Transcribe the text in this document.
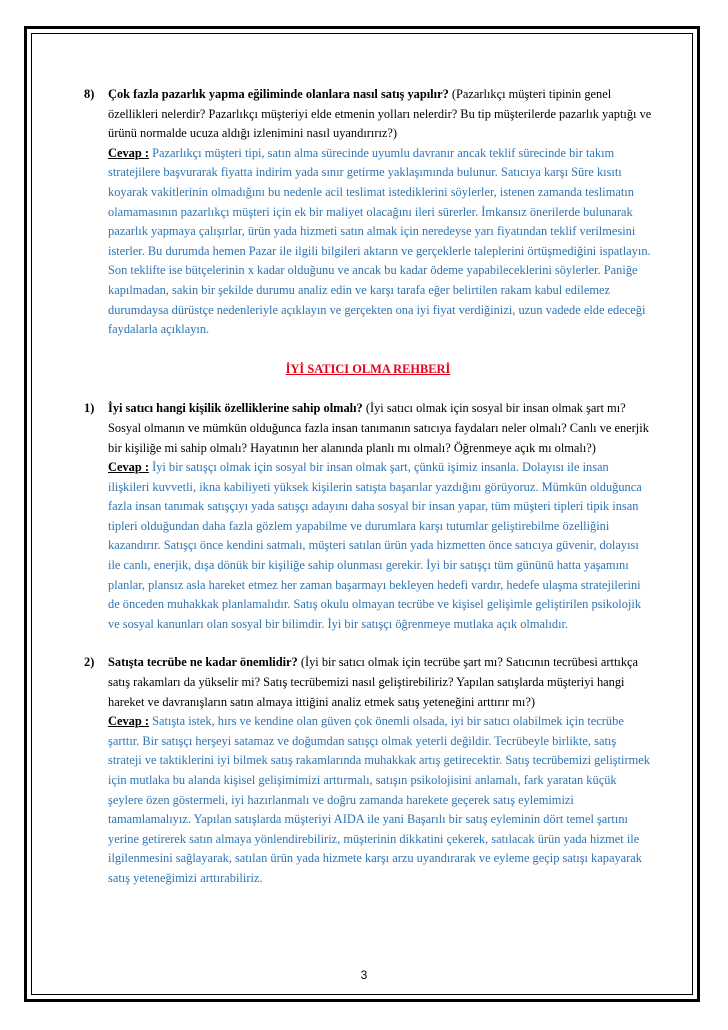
8) Çok fazla pazarlık yapma eğiliminde olanlara nasıl satış yapılır? (Pazarlıkçı müşteri tipinin genel özellikleri nelerdir? Pazarlıkçı müşteriyi elde etmenin yolları nelerdir? Bu tip müşterilerde pazarlık yaptığı ve ürünü normalde ucuza aldığı izlenimini nasıl uyandırırız?)
Cevap : Pazarlıkçı müşteri tipi, satın alma sürecinde uyumlu davranır ancak teklif sürecinde bir takım stratejilere başvurarak fiyatta indirim yada sınır getirme yaklaşımında bulunur. Satıcıya karşı Süre kısıtı koyarak vakitlerinin olmadığını bu nedenle acil teslimat istediklerini söylerler, istenen zamanda teslimatın olamamasının pazarlıkçı müşteri için ek bir maliyet olacağını ileri sürerler. İmkansız önerilerde bulunarak pazarlık yapmaya çalışırlar, ürün yada hizmeti satın almak için neredeyse yarı fiyatından teklif verilmesini isterler. Bu durumda hemen Pazar ile ilgili bilgileri aktarın ve gerçeklerle taleplerini örtüşmediğini ispatlayın. Son teklifte ise bütçelerinin x kadar olduğunu ve ancak bu kadar ödeme yapabileceklerini söylerler. Paniğe kapılmadan, sakin bir şekilde durumu analiz edin ve karşı tarafa eğer belirtilen rakam kabul edilemez durumdaysa dürüstçe nedenleriyle açıklayın ve gerçekten ona iyi fiyat verdiğinizi, uzun vadede elde edeceği faydalarla açıklayın.
İYİ SATICI OLMA REHBERİ
1) İyi satıcı hangi kişilik özelliklerine sahip olmalı? (İyi satıcı olmak için sosyal bir insan olmak şart mı? Sosyal olmanın ve mümkün olduğunca fazla insan tanımanın satıcıya faydaları neler olmalı? Canlı ve enerjik bir kişiliğe mi sahip olmalı? Hayatının her alanında planlı mı olmalı? Öğrenmeye açık mı olmalı?)
Cevap : İyi bir satışçı olmak için sosyal bir insan olmak şart, çünkü işimiz insanla. Dolayısı ile insan ilişkileri kuvvetli, ikna kabiliyeti yüksek kişilerin satışta başarılar yazdığını görüyoruz. Mümkün olduğunca fazla insan tanımak satışçıyı yada satışçı adayını daha sosyal bir insan yapar, tüm müşteri tipleri tipik insan tipleri olduğundan daha fazla gözlem yapabilme ve durumlara karşı tutumlar geliştirebilme özelliğini kazandırır. Satışçı önce kendini satmalı, müşteri satılan ürün yada hizmetten önce satıcıya güvenir, dolayısı ile canlı, enerjik, dışa dönük bir kişiliğe sahip olunması gerekir. İyi bir satışçı tüm gününü hatta yaşamını planlar, plansız asla hareket etmez her zaman başarmayı bekleyen hedefi vardır, hedefe ulaşma stratejilerini de önceden muhakkak planlamalıdır. Satış okulu olmayan tecrübe ve kişisel gelişimle geliştirilen psikolojik ve sosyal kanunları olan sosyal bir bilimdir. İyi bir satışçı öğrenmeye mutlaka açık olmalıdır.
2) Satışta tecrübe ne kadar önemlidir? (İyi bir satıcı olmak için tecrübe şart mı? Satıcının tecrübesi arttıkça satış rakamları da yükselir mi? Satış tecrübemizi nasıl geliştirebiliriz? Yapılan satışlarda müşteriyi hangi hareket ve davranışların satın almaya ittiğini analiz etmek satış yeteneğini arttırır mı?)
Cevap : Satışta istek, hırs ve kendine olan güven çok önemli olsada, iyi bir satıcı olabilmek için tecrübe şarttır. Bir satışçı herşeyi satamaz ve doğumdan satışçı olmak yeterli değildir. Tecrübeyle birlikte, satış strateji ve taktiklerini iyi bilmek satış rakamlarında muhakkak artış getirecektir. Satış tecrübemizi geliştirmek için mutlaka bu alanda kişisel gelişimimizi arttırmalı, satışın psikolojisini anlamalı, fark yaratan küçük şeylere özen göstermeli, iyi hazırlanmalı ve doğru zamanda harekete geçerek satış eylemimizi tamamlamalıyız. Yapılan satışlarda müşteriyi AIDA ile yani Başarılı bir satış eyleminin dört temel şartını yerine getirerek satın almaya yönlendirebiliriz, müşterinin dikkatini çekerek, satılacak ürün yada hizmet ile ilgilenmesini sağlayarak, satılan ürün yada hizmete karşı arzu uyandırarak ve eyleme geçip satışı kapayarak satış yeteneğimizi arttırabiliriz.
3
